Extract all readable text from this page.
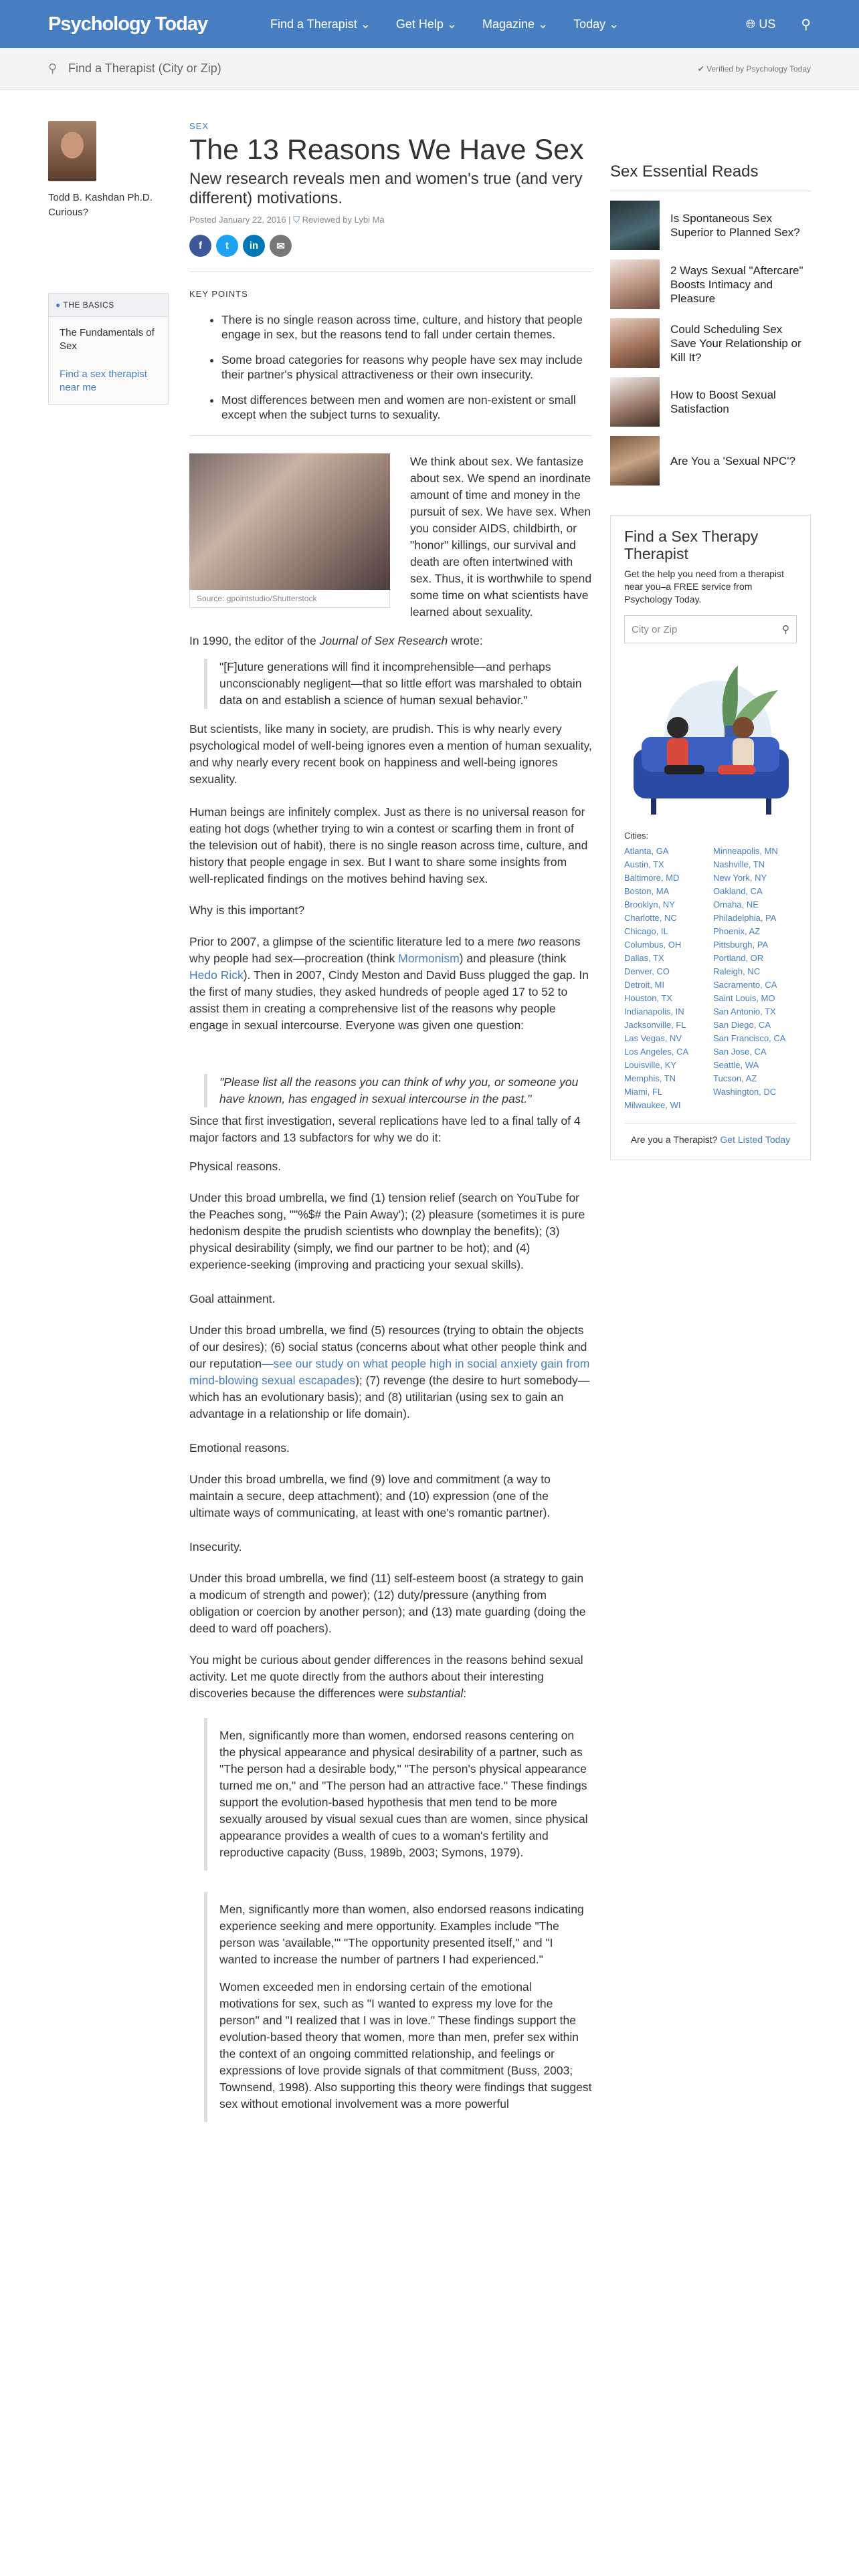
Psychology Today	Find a Therapist ⌄ Get Help ⌄ Magazine ⌄ Today ⌄	🌐︎ US ⚲
⚲ Find a Therapist (City or Zip)	✔︎ Verified by Psychology Today
Todd B. Kashdan Ph.D.
Curious?
● THE BASICS
The Fundamentals of Sex
Find a sex therapist near me
SEX
The 13 Reasons We Have Sex
New research reveals men and women's true (and very different) motivations.
Posted January 22, 2016 | ⛉ Reviewed by Lybi Ma
f	t	in	✉︎
KEY POINTS
• There is no single reason across time, culture, and history that people engage in sex, but the reasons tend to fall under certain themes.
• Some broad categories for reasons why people have sex may include their partner's physical attractiveness or their own insecurity.
• Most differences between men and women are non-existent or small except when the subject turns to sexuality.
Source: gpointstudio/Shutterstock

We think about sex. We fantasize about sex. We spend an inordinate amount of time and money in the pursuit of sex. We have sex. When you consider AIDS, childbirth, or "honor" killings, our survival and death are often intertwined with sex. Thus, it is worthwhile to spend some time on what scientists have learned about sexuality.

In 1990, the editor of the Journal of Sex Research wrote:

"[F]uture generations will find it incomprehensible—and perhaps unconscionably negligent—that so little effort was marshaled to obtain data on and establish a science of human sexual behavior."

But scientists, like many in society, are prudish. This is why nearly every psychological model of well-being ignores even a mention of human sexuality, and why nearly every recent book on happiness and well-being ignores sexuality.

Human beings are infinitely complex. Just as there is no universal reason for eating hot dogs (whether trying to win a contest or scarfing them in front of the television out of habit), there is no single reason across time, culture, and history that people engage in sex. But I want to share some insights from well-replicated findings on the motives behind having sex.

Why is this important?

Prior to 2007, a glimpse of the scientific literature led to a mere two reasons why people had sex—procreation (think Mormonism) and pleasure (think Hedo Rick). Then in 2007, Cindy Meston and David Buss plugged the gap. In the first of many studies, they asked hundreds of people aged 17 to 52 to assist them in creating a comprehensive list of the reasons why people engage in sexual intercourse. Everyone was given one question:

"Please list all the reasons you can think of why you, or someone you have known, has engaged in sexual intercourse in the past."

Since that first investigation, several replications have led to a final tally of 4 major factors and 13 subfactors for why we do it:

Physical reasons.

Under this broad umbrella, we find (1) tension relief (search on YouTube for the Peaches song, ""%$# the Pain Away'); (2) pleasure (sometimes it is pure hedonism despite the prudish scientists who downplay the benefits); (3) physical desirability (simply, we find our partner to be hot); and (4) experience-seeking (improving and practicing your sexual skills).

Goal attainment.

Under this broad umbrella, we find (5) resources (trying to obtain the objects of our desires); (6) social status (concerns about what other people think and our reputation—see our study on what people high in social anxiety gain from mind-blowing sexual escapades); (7) revenge (the desire to hurt somebody—which has an evolutionary basis); and (8) utilitarian (using sex to gain an advantage in a relationship or life domain).

Emotional reasons.

Under this broad umbrella, we find (9) love and commitment (a way to maintain a secure, deep attachment); and (10) expression (one of the ultimate ways of communicating, at least with one's romantic partner).

Insecurity.

Under this broad umbrella, we find (11) self-esteem boost (a strategy to gain a modicum of strength and power); (12) duty/pressure (anything from obligation or coercion by another person); and (13) mate guarding (doing the deed to ward off poachers).

You might be curious about gender differences in the reasons behind sexual activity. Let me quote directly from the authors about their interesting discoveries because the differences were substantial:

Men, significantly more than women, endorsed reasons centering on the physical appearance and physical desirability of a partner, such as "The person had a desirable body," "The person's physical appearance turned me on," and "The person had an attractive face." These findings support the evolution-based hypothesis that men tend to be more sexually aroused by visual sexual cues than are women, since physical appearance provides a wealth of cues to a woman's fertility and reproductive capacity (Buss, 1989b, 2003; Symons, 1979).

Men, significantly more than women, also endorsed reasons indicating experience seeking and mere opportunity. Examples include "The person was 'available,'" "The opportunity presented itself," and "I wanted to increase the number of partners I had experienced."

Women exceeded men in endorsing certain of the emotional motivations for sex, such as "I wanted to express my love for the person" and "I realized that I was in love." These findings support the evolution-based theory that women, more than men, prefer sex within the context of an ongoing committed relationship, and feelings or expressions of love provide signals of that commitment (Buss, 2003; Townsend, 1998). Also supporting this theory were findings that suggest sex without emotional involvement was a more powerful

Sex Essential Reads
Is Spontaneous Sex Superior to Planned Sex?
2 Ways Sexual "Aftercare" Boosts Intimacy and Pleasure
Could Scheduling Sex Save Your Relationship or Kill It?
How to Boost Sexual Satisfaction
Are You a 'Sexual NPC'?
Find a Sex Therapy Therapist
Get the help you need from a therapist near you–a FREE service from Psychology Today.
City or Zip	⚲
Cities:
Atlanta, GA	Minneapolis, MN
Austin, TX	Nashville, TN
Baltimore, MD	New York, NY
Boston, MA	Oakland, CA
Brooklyn, NY	Omaha, NE
Charlotte, NC	Philadelphia, PA
Chicago, IL	Phoenix, AZ
Columbus, OH	Pittsburgh, PA
Dallas, TX	Portland, OR
Denver, CO	Raleigh, NC
Detroit, MI	Sacramento, CA
Houston, TX	Saint Louis, MO
Indianapolis, IN	San Antonio, TX
Jacksonville, FL	San Diego, CA
Las Vegas, NV	San Francisco, CA
Los Angeles, CA	San Jose, CA
Louisville, KY	Seattle, WA
Memphis, TN	Tucson, AZ
Miami, FL	Washington, DC
Milwaukee, WI
Are you a Therapist? Get Listed Today
